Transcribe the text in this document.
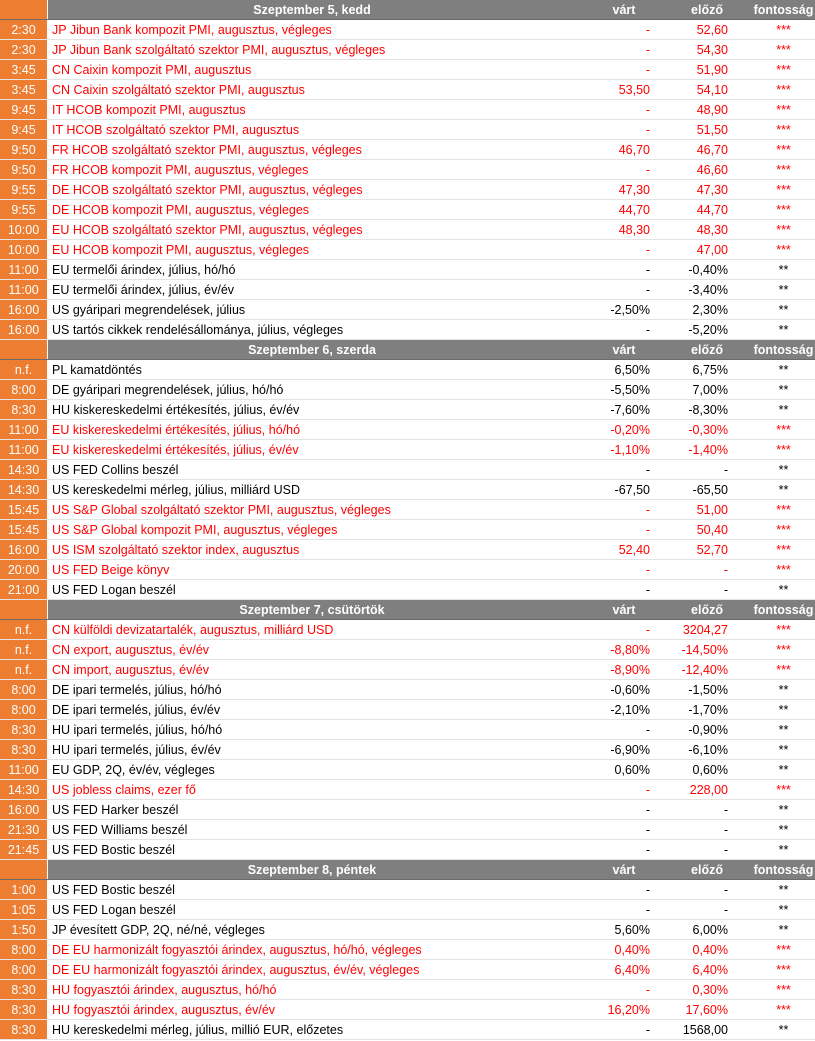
Szeptember 5, kedd	várt	előző	fontosság
2:30	JP Jibun Bank kompozit PMI, augusztus, végleges	-	52,60	***
2:30	JP Jibun Bank szolgáltató szektor PMI, augusztus, végleges	-	54,30	***
3:45	CN Caixin kompozit PMI, augusztus	-	51,90	***
3:45	CN Caixin szolgáltató szektor PMI, augusztus	53,50	54,10	***
9:45	IT HCOB kompozit PMI, augusztus	-	48,90	***
9:45	IT HCOB szolgáltató szektor PMI, augusztus	-	51,50	***
9:50	FR HCOB szolgáltató szektor PMI, augusztus, végleges	46,70	46,70	***
9:50	FR HCOB kompozit PMI, augusztus, végleges	-	46,60	***
9:55	DE HCOB szolgáltató szektor PMI, augusztus, végleges	47,30	47,30	***
9:55	DE HCOB kompozit PMI, augusztus, végleges	44,70	44,70	***
10:00	EU HCOB szolgáltató szektor PMI, augusztus, végleges	48,30	48,30	***
10:00	EU HCOB kompozit PMI, augusztus, végleges	-	47,00	***
11:00	EU termelői árindex, július, hó/hó	-	-0,40%	**
11:00	EU termelői árindex, július, év/év	-	-3,40%	**
16:00	US gyáripari megrendelések, július	-2,50%	2,30%	**
16:00	US tartós cikkek rendelésállománya, július, végleges	-	-5,20%	**
Szeptember 6, szerda	várt	előző	fontosság
n.f.	PL kamatdöntés	6,50%	6,75%	**
8:00	DE gyáripari megrendelések, július, hó/hó	-5,50%	7,00%	**
8:30	HU kiskereskedelmi értékesítés, július, év/év	-7,60%	-8,30%	**
11:00	EU kiskereskedelmi értékesítés, július, hó/hó	-0,20%	-0,30%	***
11:00	EU kiskereskedelmi értékesítés, július, év/év	-1,10%	-1,40%	***
14:30	US FED Collins beszél	-	-	**
14:30	US kereskedelmi mérleg, július, milliárd USD	-67,50	-65,50	**
15:45	US S&P Global szolgáltató szektor PMI, augusztus, végleges	-	51,00	***
15:45	US S&P Global kompozit PMI, augusztus, végleges	-	50,40	***
16:00	US ISM szolgáltató szektor index, augusztus	52,40	52,70	***
20:00	US FED Beige könyv	-	-	***
21:00	US FED Logan beszél	-	-	**
Szeptember 7, csütörtök	várt	előző	fontosság
n.f.	CN külföldi devizatartalék, augusztus, milliárd USD	-	3204,27	***
n.f.	CN export, augusztus, év/év	-8,80%	-14,50%	***
n.f.	CN import, augusztus, év/év	-8,90%	-12,40%	***
8:00	DE ipari termelés, július, hó/hó	-0,60%	-1,50%	**
8:00	DE ipari termelés, július, év/év	-2,10%	-1,70%	**
8:30	HU ipari termelés, július, hó/hó	-	-0,90%	**
8:30	HU ipari termelés, július, év/év	-6,90%	-6,10%	**
11:00	EU GDP, 2Q, év/év, végleges	0,60%	0,60%	**
14:30	US jobless claims, ezer fő	-	228,00	***
16:00	US FED Harker beszél	-	-	**
21:30	US FED Williams beszél	-	-	**
21:45	US FED Bostic beszél	-	-	**
Szeptember 8, péntek	várt	előző	fontosság
1:00	US FED Bostic beszél	-	-	**
1:05	US FED Logan beszél	-	-	**
1:50	JP évesített GDP, 2Q, né/né, végleges	5,60%	6,00%	**
8:00	DE EU harmonizált fogyasztói árindex, augusztus, hó/hó, végleges	0,40%	0,40%	***
8:00	DE EU harmonizált fogyasztói árindex, augusztus, év/év, végleges	6,40%	6,40%	***
8:30	HU fogyasztói árindex, augusztus, hó/hó	-	0,30%	***
8:30	HU fogyasztói árindex, augusztus, év/év	16,20%	17,60%	***
8:30	HU kereskedelmi mérleg, július, millió EUR, előzetes	-	1568,00	**
